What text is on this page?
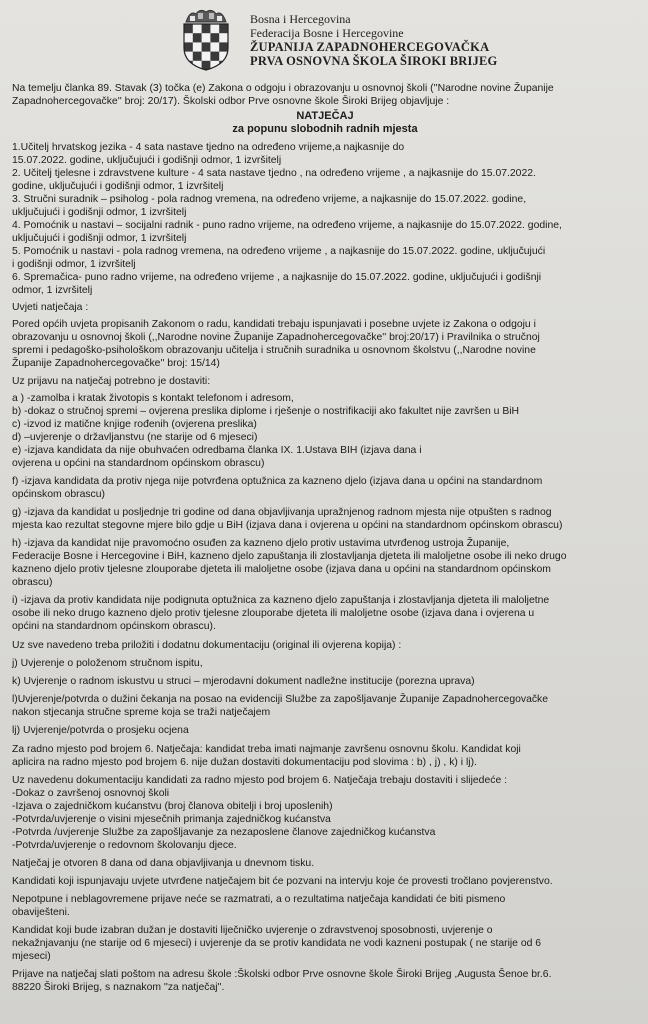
Bosna i Hercegovina
Federacija Bosne i Hercegovine
ŽUPANIJA ZAPADNOHERCEGOVAČKA
PRVA OSNOVNA ŠKOLA ŠIROKI BRIJEG

Na temelju članka 89. Stavak (3) točka (e) Zakona o odgoju i obrazovanju u osnovnoj školi (''Narodne novine Županije
Zapadnohercegovačke'' broj: 20/17). Školski odbor Prve osnovne škole Široki Brijeg objavljuje :

NATJEČAJ

za popunu slobodnih radnih mjesta

1.Učitelj hrvatskog jezika - 4 sata nastave tjedno na određeno vrijeme,a najkasnije do
15.07.2022. godine, uključujući i godišnji odmor, 1 izvršitelj

2. Učitelj tjelesne i zdravstvene kulture - 4 sata nastave tjedno , na određeno vrijeme , a najkasnije do 15.07.2022.
godine, uključujući i godišnji odmor, 1 izvršitelj

3. Stručni suradnik – psiholog - pola radnog vremena, na određeno vrijeme, a najkasnije do 15.07.2022. godine,
uključujući i godišnji odmor, 1 izvršitelj

4. Pomoćnik u nastavi – socijalni radnik - puno radno vrijeme, na određeno vrijeme, a najkasnije do 15.07.2022. godine,
uključujući i godišnji odmor, 1 izvršitelj

5. Pomoćnik u nastavi - pola radnog vremena, na određeno vrijeme , a najkasnije do 15.07.2022. godine, uključujući
i godišnji odmor, 1 izvršitelj

6. Spremačica- puno radno vrijeme, na određeno vrijeme , a najkasnije do 15.07.2022. godine, uključujući i godišnji
odmor, 1 izvršitelj

Uvjeti natječaja :

Pored općih uvjeta propisanih Zakonom o radu, kandidati trebaju ispunjavati i posebne uvjete iz Zakona o odgoju i
obrazovanju u osnovnoj školi (,,Narodne novine Županije Zapadnohercegovačke'' broj:20/17) i Pravilnika o stručnoj
spremi i pedagoško-psihološkom obrazovanju učitelja i stručnih suradnika u osnovnom školstvu (,,Narodne novine
Županije Zapadnohercegovačke'' broj: 15/14)

Uz prijavu na natječaj potrebno je dostaviti:

a ) -zamolba i kratak životopis s kontakt telefonom i adresom,
b) -dokaz o stručnoj spremi – ovjerena preslika diplome i rješenje o nostrifikaciji ako fakultet nije završen u BiH
c) -izvod iz matične knjige rođenih (ovjerena preslika)
d) –uvjerenje o državljanstvu (ne starije od 6 mjeseci)
e) -izjava kandidata da nije obuhvaćen odredbama članka IX. 1.Ustava BIH (izjava dana i
ovjerena u općini na standardnom općinskom obrascu)

f) -izjava kandidata da protiv njega nije potvrđena optužnica za kazneno djelo (izjava dana u općini na standardnom
općinskom obrascu)

g) -izjava da kandidat u posljednje tri godine od dana objavljivanja upražnjenog radnom mjesta nije otpušten s radnog
mjesta kao rezultat stegovne mjere bilo gdje u BiH (izjava dana i ovjerena u općini na standardnom općinskom obrascu)

h) -izjava da kandidat nije pravomoćno osuđen za kazneno djelo protiv ustavima utvrđenog ustroja Županije,
Federacije Bosne i Hercegovine i BiH, kazneno djelo zapuštanja ili zlostavljanja djeteta ili maloljetne osobe ili neko drugo
kazneno djelo protiv tjelesne zlouporabe djeteta ili maloljetne osobe (izjava dana u općini na standardnom općinskom
obrascu)

i) -izjava da protiv kandidata nije podignuta optužnica za kazneno djelo zapuštanja i zlostavljanja djeteta ili maloljetne
osobe ili neko drugo kazneno djelo protiv tjelesne zlouporabe djeteta ili maloljetne osobe (izjava dana i ovjerena u
općini na standardnom općinskom obrascu).

Uz sve navedeno treba priložiti i dodatnu dokumentaciju (original ili ovjerena kopija) :

j) Uvjerenje o položenom stručnom ispitu,

k) Uvjerenje o radnom iskustvu u struci – mjerodavni dokument nadležne institucije (porezna uprava)

l)Uvjerenje/potvrda o dužini čekanja na posao na evidenciji Službe za zapošljavanje Županije Zapadnohercegovačke
nakon stjecanja stručne spreme koja se traži natječajem

lj) Uvjerenje/potvrda o prosjeku ocjena

Za radno mjesto pod brojem 6. Natječaja: kandidat treba imati najmanje završenu osnovnu školu. Kandidat koji
aplicira na radno mjesto pod brojem 6. nije dužan dostaviti dokumentaciju pod slovima : b) , j) , k) i lj).

Uz navedenu dokumentaciju kandidati za radno mjesto pod brojem 6. Natječaja trebaju dostaviti i slijedeće :
-Dokaz o završenoj osnovnoj školi
-Izjava o zajedničkom kućanstvu (broj članova obitelji i broj uposlenih)
-Potvrda/uvjerenje o visini mjesečnih primanja zajedničkog kućanstva
-Potvrda /uvjerenje Službe za zapošljavanje za nezaposlene članove zajedničkog kućanstva
-Potvrda/uvjerenje o redovnom školovanju djece.

Natječaj je otvoren 8 dana od dana objavljivanja u dnevnom tisku.

Kandidati koji ispunjavaju uvjete utvrđene natječajem bit će pozvani na intervju koje će provesti tročlano povjerenstvo.

Nepotpune i neblagovremene prijave neće se razmatrati, a o rezultatima natječaja kandidati će biti pismeno
obaviješteni.

Kandidat koji bude izabran dužan je dostaviti liječničko uvjerenje o zdravstvenoj sposobnosti, uvjerenje o
nekažnjavanju (ne starije od 6 mjeseci) i uvjerenje da se protiv kandidata ne vodi kazneni postupak ( ne starije od 6
mjeseci)

Prijave na natječaj slati poštom na adresu škole :Školski odbor Prve osnovne škole Široki Brijeg ,Augusta Šenoe br.6.
88220 Široki Brijeg, s naznakom ''za natječaj''.
